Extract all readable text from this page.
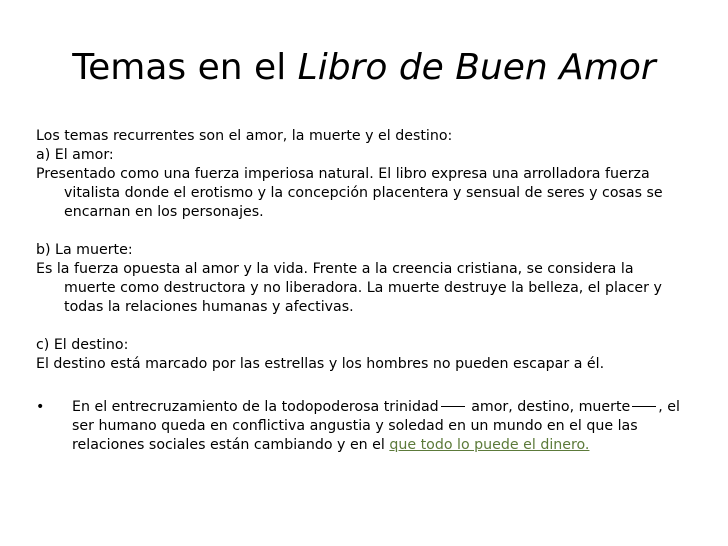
Temas en el Libro de Buen Amor

Los temas recurrentes son el amor, la muerte y el destino:

a) El amor:

Presentado como una fuerza imperiosa natural. El libro expresa una arrolladora fuerza vitalista donde el erotismo y la concepción placentera y sensual de seres y cosas se encarnan en los personajes.

b) La muerte:

Es la fuerza opuesta al amor y la vida. Frente a la creencia cristiana, se considera la muerte como destructora y no liberadora. La muerte destruye la belleza, el placer y todas la relaciones humanas y afectivas.

c) El destino:

El destino está marcado por las estrellas y los hombres no pueden escapar a él.

• En el entrecruzamiento de la todopoderosa trinidad amor, destino, muerte , el ser humano queda en conflictiva angustia y soledad en un mundo en el que las relaciones sociales están cambiando y en el que todo lo puede el dinero.
